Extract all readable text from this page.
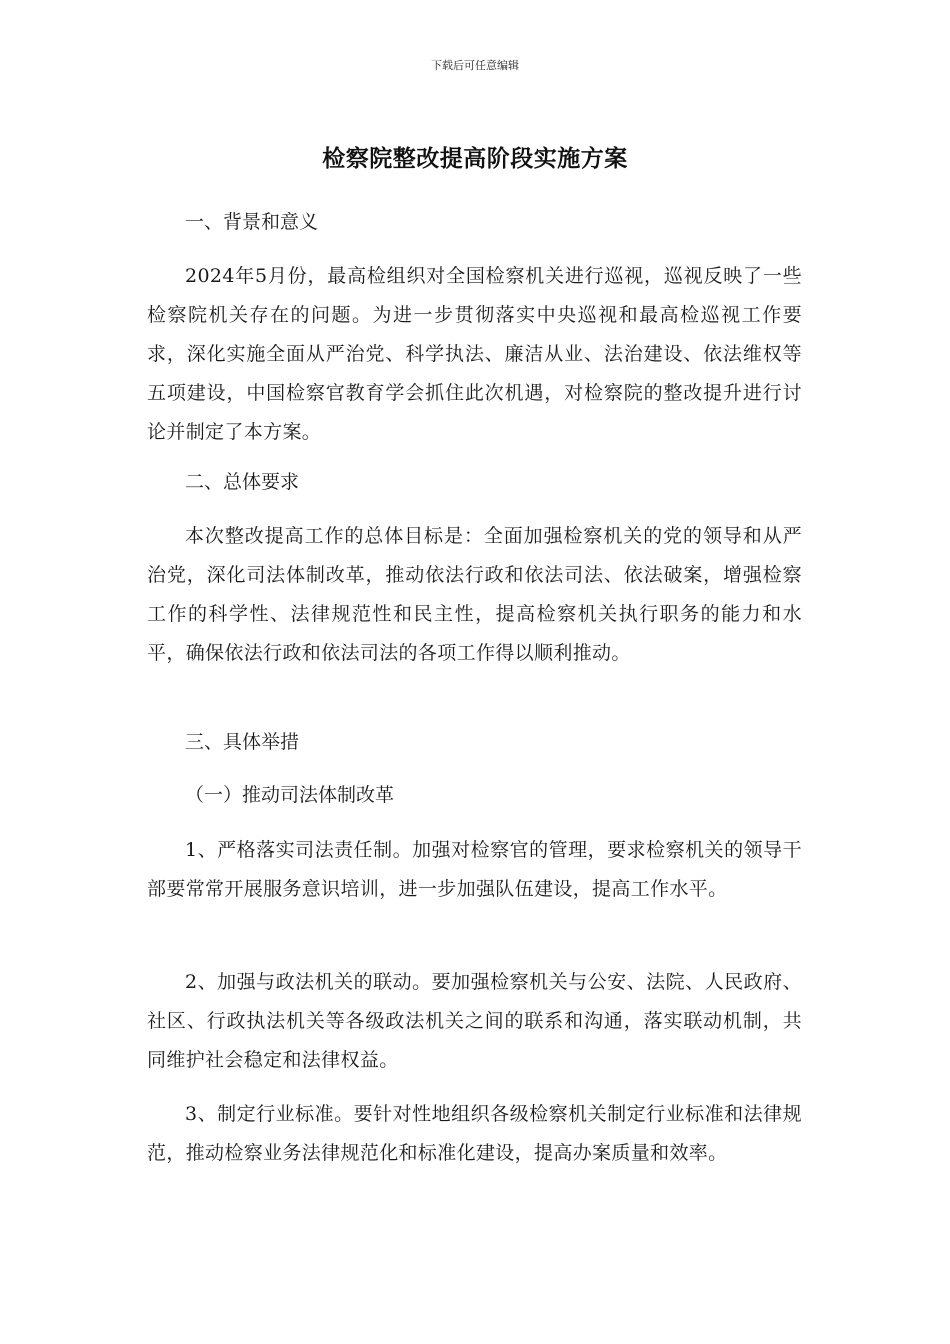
下载后可任意编辑
检察院整改提高阶段实施方案
一、背景和意义
2024年5月份，最高检组织对全国检察机关进行巡视，巡视反映了一些检察院机关存在的问题。为进一步贯彻落实中央巡视和最高检巡视工作要求，深化实施全面从严治党、科学执法、廉洁从业、法治建设、依法维权等五项建设，中国检察官教育学会抓住此次机遇，对检察院的整改提升进行讨论并制定了本方案。
二、总体要求
本次整改提高工作的总体目标是：全面加强检察机关的党的领导和从严治党，深化司法体制改革，推动依法行政和依法司法、依法破案，增强检察工作的科学性、法律规范性和民主性，提高检察机关执行职务的能力和水平，确保依法行政和依法司法的各项工作得以顺利推动。
三、具体举措
（一）推动司法体制改革
1、严格落实司法责任制。加强对检察官的管理，要求检察机关的领导干部要常常开展服务意识培训，进一步加强队伍建设，提高工作水平。
2、加强与政法机关的联动。要加强检察机关与公安、法院、人民政府、社区、行政执法机关等各级政法机关之间的联系和沟通，落实联动机制，共同维护社会稳定和法律权益。
3、制定行业标准。要针对性地组织各级检察机关制定行业标准和法律规范，推动检察业务法律规范化和标准化建设，提高办案质量和效率。
